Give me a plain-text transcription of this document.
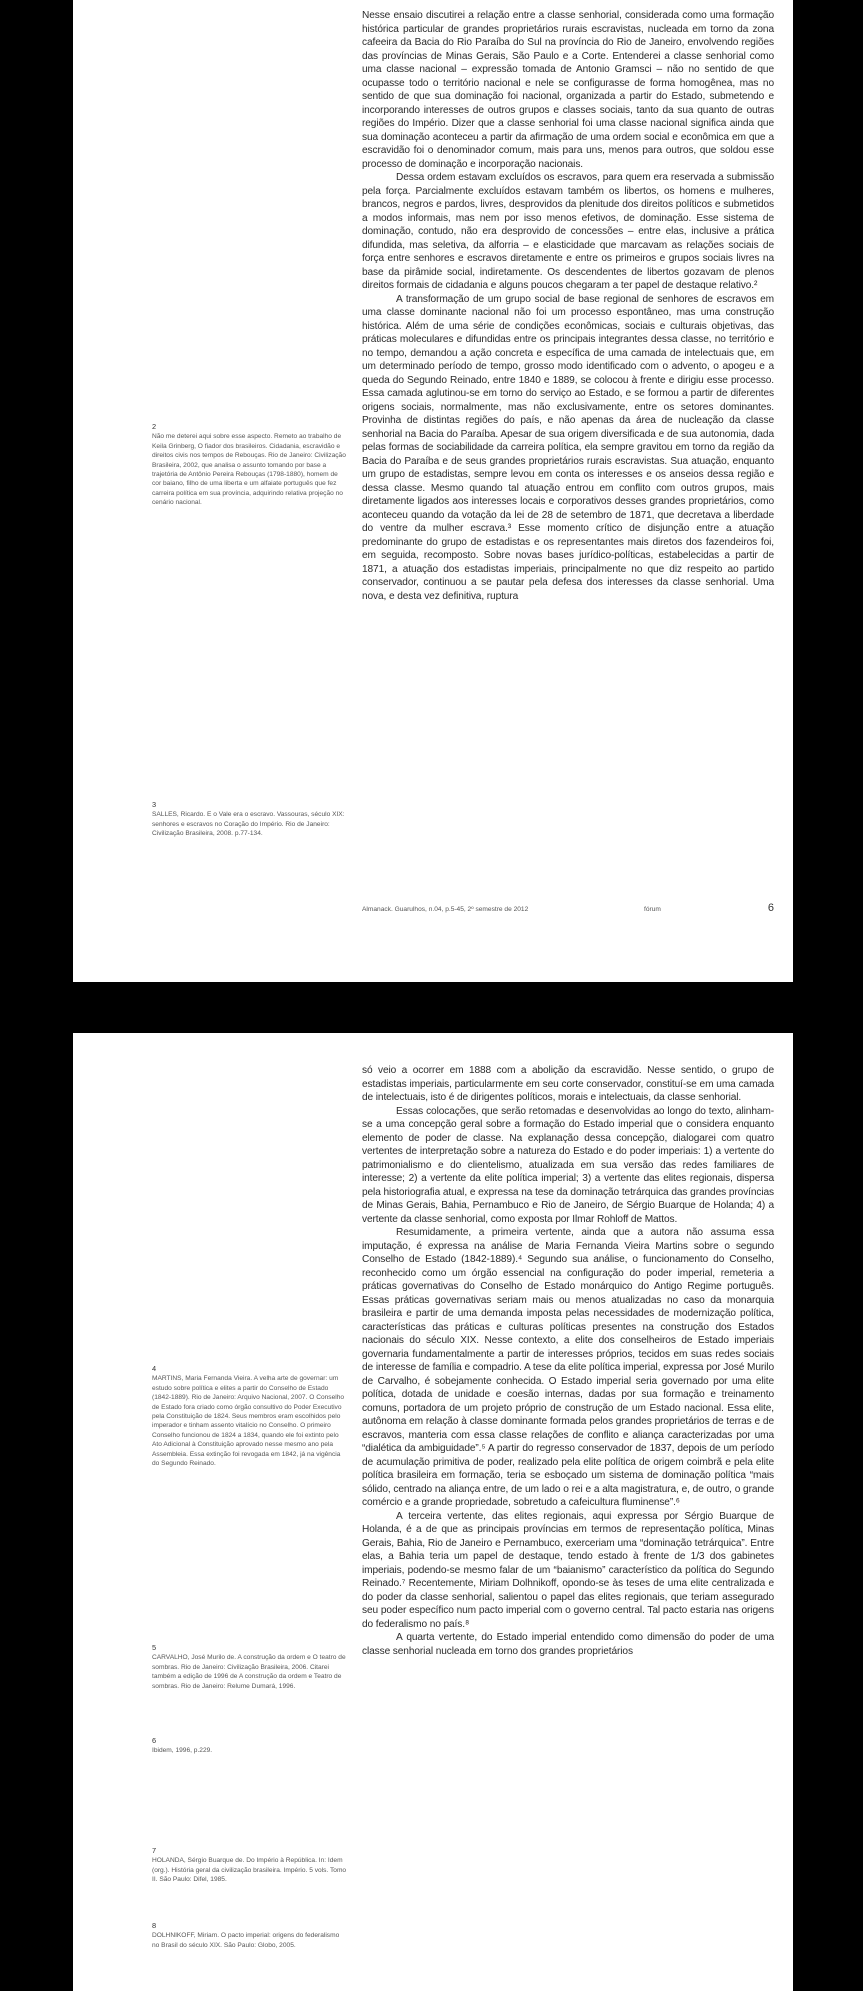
Nesse ensaio discutirei a relação entre a classe senhorial, considerada como uma formação histórica particular de grandes proprietários rurais escravistas, nucleada em torno da zona cafeeira da Bacia do Rio Paraíba do Sul na província do Rio de Janeiro, envolvendo regiões das províncias de Minas Gerais, São Paulo e a Corte. Entenderei a classe senhorial como uma classe nacional – expressão tomada de Antonio Gramsci – não no sentido de que ocupasse todo o território nacional e nele se configurasse de forma homogênea, mas no sentido de que sua dominação foi nacional, organizada a partir do Estado, submetendo e incorporando interesses de outros grupos e classes sociais, tanto da sua quanto de outras regiões do Império. Dizer que a classe senhorial foi uma classe nacional significa ainda que sua dominação aconteceu a partir da afirmação de uma ordem social e econômica em que a escravidão foi o denominador comum, mais para uns, menos para outros, que soldou esse processo de dominação e incorporação nacionais.

Dessa ordem estavam excluídos os escravos, para quem era reservada a submissão pela força. Parcialmente excluídos estavam também os libertos, os homens e mulheres, brancos, negros e pardos, livres, desprovidos da plenitude dos direitos políticos e submetidos a modos informais, mas nem por isso menos efetivos, de dominação. Esse sistema de dominação, contudo, não era desprovido de concessões – entre elas, inclusive a prática difundida, mas seletiva, da alforria – e elasticidade que marcavam as relações sociais de força entre senhores e escravos diretamente e entre os primeiros e grupos sociais livres na base da pirâmide social, indiretamente. Os descendentes de libertos gozavam de plenos direitos formais de cidadania e alguns poucos chegaram a ter papel de destaque relativo.²

A transformação de um grupo social de base regional de senhores de escravos em uma classe dominante nacional não foi um processo espontâneo, mas uma construção histórica. Além de uma série de condições econômicas, sociais e culturais objetivas, das práticas moleculares e difundidas entre os principais integrantes dessa classe, no território e no tempo, demandou a ação concreta e específica de uma camada de intelectuais que, em um determinado período de tempo, grosso modo identificado com o advento, o apogeu e a queda do Segundo Reinado, entre 1840 e 1889, se colocou à frente e dirigiu esse processo. Essa camada aglutinou-se em torno do serviço ao Estado, e se formou a partir de diferentes origens sociais, normalmente, mas não exclusivamente, entre os setores dominantes. Provinha de distintas regiões do país, e não apenas da área de nucleação da classe senhorial na Bacia do Paraíba. Apesar de sua origem diversificada e de sua autonomia, dada pelas formas de sociabilidade da carreira política, ela sempre gravitou em torno da região da Bacia do Paraíba e de seus grandes proprietários rurais escravistas. Sua atuação, enquanto um grupo de estadistas, sempre levou em conta os interesses e os anseios dessa região e dessa classe. Mesmo quando tal atuação entrou em conflito com outros grupos, mais diretamente ligados aos interesses locais e corporativos desses grandes proprietários, como aconteceu quando da votação da lei de 28 de setembro de 1871, que decretava a liberdade do ventre da mulher escrava.³ Esse momento crítico de disjunção entre a atuação predominante do grupo de estadistas e os representantes mais diretos dos fazendeiros foi, em seguida, recomposto. Sobre novas bases jurídico-políticas, estabelecidas a partir de 1871, a atuação dos estadistas imperiais, principalmente no que diz respeito ao partido conservador, continuou a se pautar pela defesa dos interesses da classe senhorial. Uma nova, e desta vez definitiva, ruptura

2

Não me deterei aqui sobre esse aspecto. Remeto ao trabalho de Keila Grinberg, O fiador dos brasileiros. Cidadania, escravidão e direitos civis nos tempos de Rebouças. Rio de Janeiro: Civilização Brasileira, 2002, que analisa o assunto tomando por base a trajetória de Antônio Pereira Rebouças (1798-1880), homem de cor baiano, filho de uma liberta e um alfaiate português que fez carreira política em sua província, adquirindo relativa projeção no cenário nacional.

3

SALLES, Ricardo. E o Vale era o escravo. Vassouras, século XIX: senhores e escravos no Coração do Império. Rio de Janeiro: Civilização Brasileira, 2008. p.77-134.

Almanack. Guarulhos, n.04, p.5-45, 2º semestre de 2012	fórum	6

só veio a ocorrer em 1888 com a abolição da escravidão. Nesse sentido, o grupo de estadistas imperiais, particularmente em seu corte conservador, constituí-se em uma camada de intelectuais, isto é de dirigentes políticos, morais e intelectuais, da classe senhorial.

Essas colocações, que serão retomadas e desenvolvidas ao longo do texto, alinham-se a uma concepção geral sobre a formação do Estado imperial que o considera enquanto elemento de poder de classe. Na explanação dessa concepção, dialogarei com quatro vertentes de interpretação sobre a natureza do Estado e do poder imperiais: 1) a vertente do patrimonialismo e do clientelismo, atualizada em sua versão das redes familiares de interesse; 2) a vertente da elite política imperial; 3) a vertente das elites regionais, dispersa pela historiografia atual, e expressa na tese da dominação tetrárquica das grandes províncias de Minas Gerais, Bahia, Pernambuco e Rio de Janeiro, de Sérgio Buarque de Holanda; 4) a vertente da classe senhorial, como exposta por Ilmar Rohloff de Mattos.

Resumidamente, a primeira vertente, ainda que a autora não assuma essa imputação, é expressa na análise de Maria Fernanda Vieira Martins sobre o segundo Conselho de Estado (1842-1889).⁴ Segundo sua análise, o funcionamento do Conselho, reconhecido como um órgão essencial na configuração do poder imperial, remeteria a práticas governativas do Conselho de Estado monárquico do Antigo Regime português. Essas práticas governativas seriam mais ou menos atualizadas no caso da monarquia brasileira e partir de uma demanda imposta pelas necessidades de modernização política, características das práticas e culturas políticas presentes na construção dos Estados nacionais do século XIX. Nesse contexto, a elite dos conselheiros de Estado imperiais governaria fundamentalmente a partir de interesses próprios, tecidos em suas redes sociais de interesse de família e compadrio. A tese da elite política imperial, expressa por José Murilo de Carvalho, é sobejamente conhecida. O Estado imperial seria governado por uma elite política, dotada de unidade e coesão internas, dadas por sua formação e treinamento comuns, portadora de um projeto próprio de construção de um Estado nacional. Essa elite, autônoma em relação à classe dominante formada pelos grandes proprietários de terras e de escravos, manteria com essa classe relações de conflito e aliança caracterizadas por uma “dialética da ambiguidade”.⁵ A partir do regresso conservador de 1837, depois de um período de acumulação primitiva de poder, realizado pela elite política de origem coimbrã e pela elite política brasileira em formação, teria se esboçado um sistema de dominação política “mais sólido, centrado na aliança entre, de um lado o rei e a alta magistratura, e, de outro, o grande comércio e a grande propriedade, sobretudo a cafeicultura fluminense”.⁶

A terceira vertente, das elites regionais, aqui expressa por Sérgio Buarque de Holanda, é a de que as principais províncias em termos de representação política, Minas Gerais, Bahia, Rio de Janeiro e Pernambuco, exerceriam uma “dominação tetrárquica”. Entre elas, a Bahia teria um papel de destaque, tendo estado à frente de 1/3 dos gabinetes imperiais, podendo-se mesmo falar de um “baianismo” característico da política do Segundo Reinado.⁷ Recentemente, Miriam Dolhnikoff, opondo-se às teses de uma elite centralizada e do poder da classe senhorial, salientou o papel das elites regionais, que teriam assegurado seu poder específico num pacto imperial com o governo central. Tal pacto estaria nas origens do federalismo no país.⁸

A quarta vertente, do Estado imperial entendido como dimensão do poder de uma classe senhorial nucleada em torno dos grandes proprietários

4

MARTINS, Maria Fernanda Vieira. A velha arte de governar: um estudo sobre política e elites a partir do Conselho de Estado (1842-1889). Rio de Janeiro: Arquivo Nacional, 2007. O Conselho de Estado fora criado como órgão consultivo do Poder Executivo pela Constituição de 1824. Seus membros eram escolhidos pelo imperador e tinham assento vitalício no Conselho. O primeiro Conselho funcionou de 1824 a 1834, quando ele foi extinto pelo Ato Adicional à Constituição aprovado nesse mesmo ano pela Assembleia. Essa extinção foi revogada em 1842, já na vigência do Segundo Reinado.

5

CARVALHO, José Murilo de. A construção da ordem e O teatro de sombras. Rio de Janeiro: Civilização Brasileira, 2006. Citarei também a edição de 1996 de A construção da ordem e Teatro de sombras. Rio de Janeiro: Relume Dumará, 1996.

6

Ibidem, 1996, p.229.

7

HOLANDA, Sérgio Buarque de. Do Império à República. In: Idem (org.). História geral da civilização brasileira. Império. 5 vols. Tomo II. São Paulo: Difel, 1985.

8

DOLHNIKOFF, Miriam. O pacto imperial: origens do federalismo no Brasil do século XIX. São Paulo: Globo, 2005.
